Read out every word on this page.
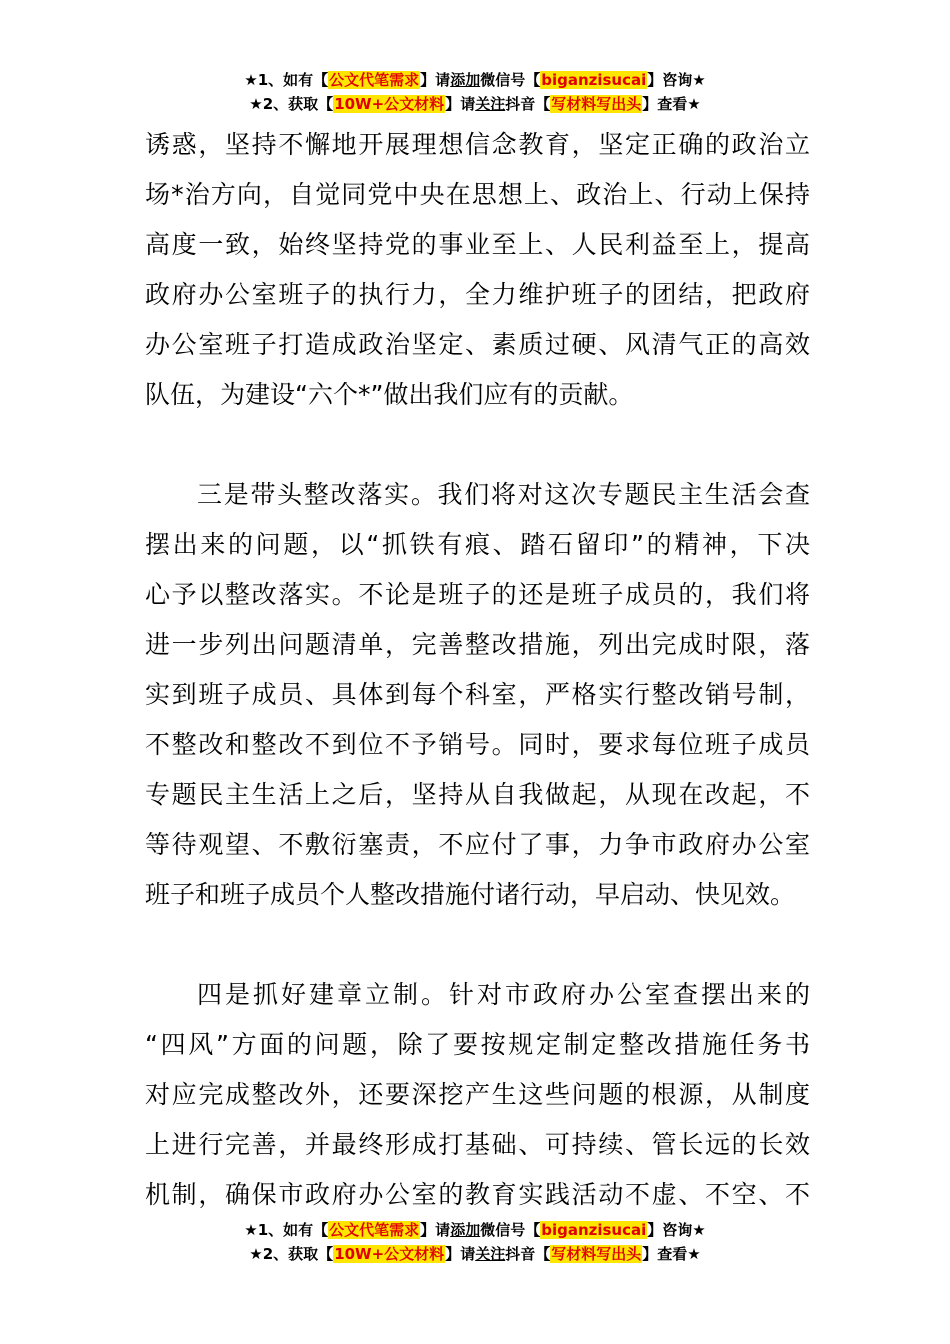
★1、如有【公文代笔需求】请添加微信号【biganzisucai】咨询★
★2、获取【10W+公文材料】请关注抖音【写材料写出头】查看★
诱惑，坚持不懈地开展理想信念教育，坚定正确的政治立
场*治方向，自觉同党中央在思想上、政治上、行动上保持
高度一致，始终坚持党的事业至上、人民利益至上，提高
政府办公室班子的执行力，全力维护班子的团结，把政府
办公室班子打造成政治坚定、素质过硬、风清气正的高效
队伍，为建设“六个*”做出我们应有的贡献。
三是带头整改落实。我们将对这次专题民主生活会查
摆出来的问题，以“抓铁有痕、踏石留印”的精神，下决
心予以整改落实。不论是班子的还是班子成员的，我们将
进一步列出问题清单，完善整改措施，列出完成时限，落
实到班子成员、具体到每个科室，严格实行整改销号制，
不整改和整改不到位不予销号。同时，要求每位班子成员
专题民主生活上之后，坚持从自我做起，从现在改起，不
等待观望、不敷衍塞责，不应付了事，力争市政府办公室
班子和班子成员个人整改措施付诸行动，早启动、快见效。
四是抓好建章立制。针对市政府办公室查摆出来的
“四风”方面的问题，除了要按规定制定整改措施任务书
对应完成整改外，还要深挖产生这些问题的根源，从制度
上进行完善，并最终形成打基础、可持续、管长远的长效
机制，确保市政府办公室的教育实践活动不虚、不空、不
★1、如有【公文代笔需求】请添加微信号【biganzisucai】咨询★
★2、获取【10W+公文材料】请关注抖音【写材料写出头】查看★
